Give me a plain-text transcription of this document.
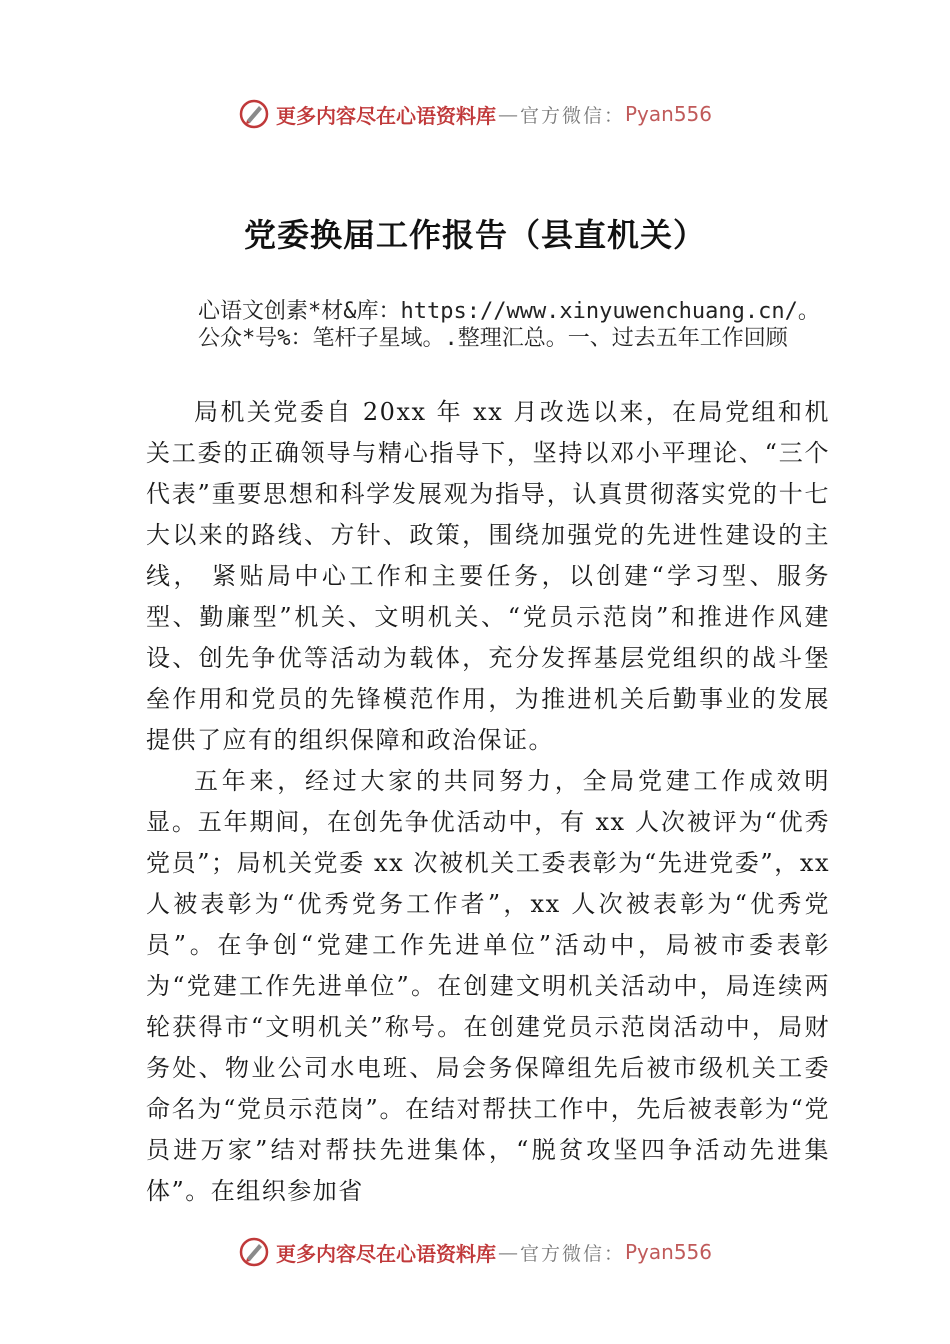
更多内容尽在心语资料库 — 官方微信： Pyan556
党委换届工作报告（县直机关）
心语文创素*材&库：https://www.xinyuwenchuang.cn/。公众*号%：笔杆子星域。.整理汇总。一、过去五年工作回顾

局机关党委自 20xx 年 xx 月改选以来，在局党组和机关工委的正确领导与精心指导下，坚持以邓小平理论、“三个代表”重要思想和科学发展观为指导，认真贯彻落实党的十七大以来的路线、方针、政策，围绕加强党的先进性建设的主线， 紧贴局中心工作和主要任务，以创建“学习型、服务型、勤廉型”机关、文明机关、“党员示范岗”和推进作风建设、创先争优等活动为载体，充分发挥基层党组织的战斗堡垒作用和党员的先锋模范作用，为推进机关后勤事业的发展提供了应有的组织保障和政治保证。

五年来，经过大家的共同努力，全局党建工作成效明显。五年期间，在创先争优活动中，有 xx 人次被评为“优秀党员”；局机关党委 xx 次被机关工委表彰为“先进党委”，xx 人被表彰为“优秀党务工作者”，xx 人次被表彰为“优秀党员”。在争创“党建工作先进单位”活动中，局被市委表彰为“党建工作先进单位”。在创建文明机关活动中，局连续两轮获得市“文明机关”称号。在创建党员示范岗活动中，局财务处、物业公司水电班、局会务保障组先后被市级机关工委命名为“党员示范岗”。在结对帮扶工作中，先后被表彰为“党员进万家”结对帮扶先进集体，“脱贫攻坚四争活动先进集体”。在组织参加省

更多内容尽在心语资料库 — 官方微信： Pyan556
